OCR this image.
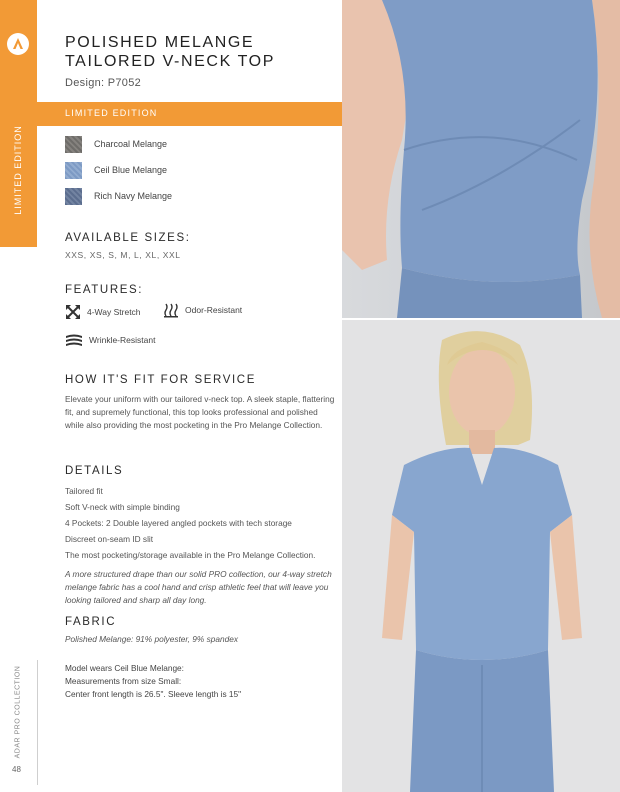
LIMITED EDITION
ADAR PRO COLLECTION
48
POLISHED MELANGE
TAILORED V-NECK TOP
Design: P7052
LIMITED EDITION
Charcoal Melange
Ceil Blue Melange
Rich Navy Melange
AVAILABLE SIZES:
XXS, XS, S, M, L, XL, XXL
FEATURES:
4-Way Stretch	Odor-Resistant
Wrinkle-Resistant
HOW IT'S FIT FOR SERVICE
Elevate your uniform with our tailored v-neck top. A sleek staple, flattering fit, and supremely functional, this top looks professional and polished while also providing the most pocketing in the Pro Melange Collection.
DETAILS
Tailored fit
Soft V-neck with simple binding
4 Pockets: 2 Double layered angled pockets with tech storage
Discreet on-seam ID slit
The most pocketing/storage available in the Pro Melange Collection.
A more structured drape than our solid PRO collection, our 4-way stretch melange fabric has a cool hand and crisp athletic feel that will leave you looking tailored and sharp all day long.
FABRIC
Polished Melange: 91% polyester, 9% spandex
Model wears Ceil Blue Melange:
Measurements from size Small:
Center front length is 26.5". Sleeve length is 15"
